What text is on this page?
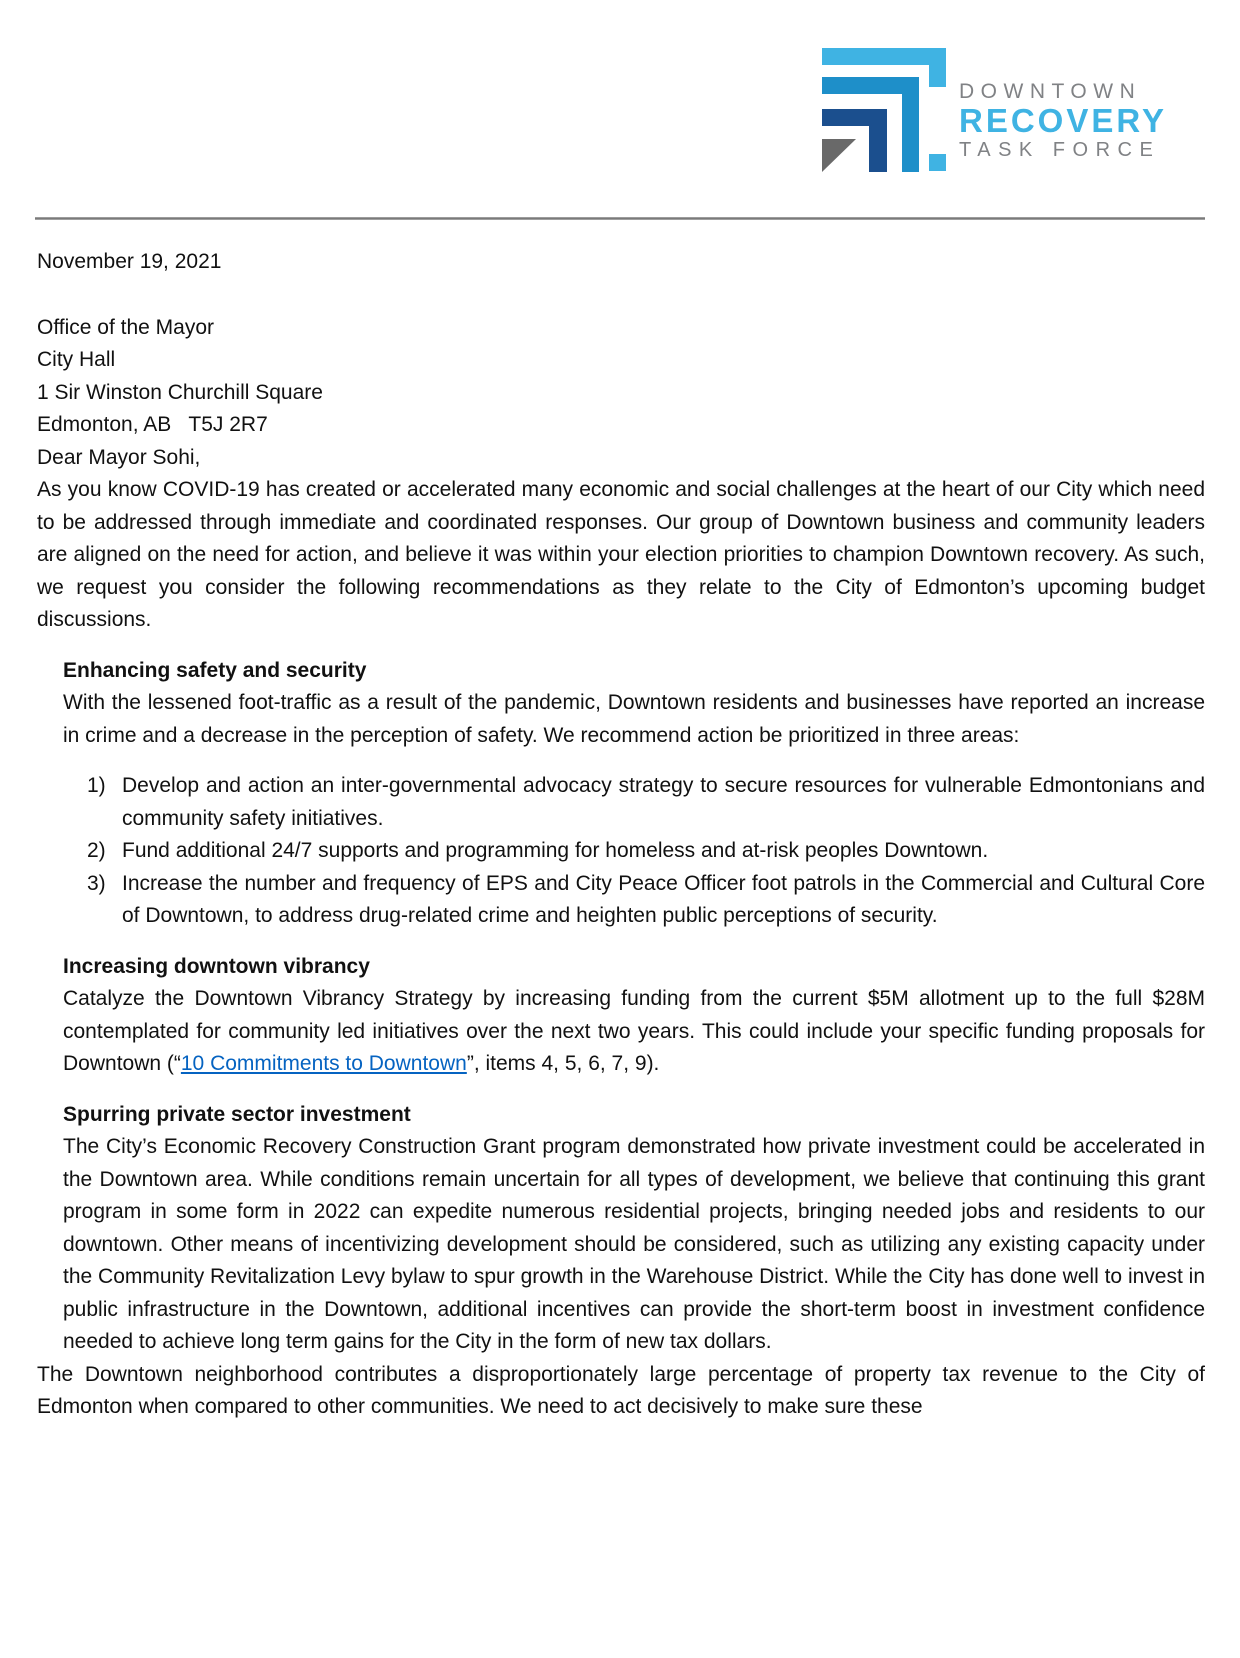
DOWNTOWN
RECOVERY
TASK FORCE

November 19, 2021

Office of the Mayor

City Hall

1 Sir Winston Churchill Square

Edmonton, AB   T5J 2R7

Dear Mayor Sohi,

As you know COVID-19 has created or accelerated many economic and social challenges at the heart of our City which need to be addressed through immediate and coordinated responses. Our group of Downtown business and community leaders are aligned on the need for action, and believe it was within your election priorities to champion Downtown recovery. As such, we request you consider the following recommendations as they relate to the City of Edmonton’s upcoming budget discussions.

Enhancing safety and security
With the lessened foot-traffic as a result of the pandemic, Downtown residents and businesses have reported an increase in crime and a decrease in the perception of safety. We recommend action be prioritized in three areas:
1) Develop and action an inter-governmental advocacy strategy to secure resources for vulnerable Edmontonians and community safety initiatives.
2) Fund additional 24/7 supports and programming for homeless and at-risk peoples Downtown.
3) Increase the number and frequency of EPS and City Peace Officer foot patrols in the Commercial and Cultural Core of Downtown, to address drug-related crime and heighten public perceptions of security.
Increasing downtown vibrancy
Catalyze the Downtown Vibrancy Strategy by increasing funding from the current $5M allotment up to the full $28M contemplated for community led initiatives over the next two years. This could include your specific funding proposals for Downtown (“10 Commitments to Downtown”, items 4, 5, 6, 7, 9).
Spurring private sector investment
The City’s Economic Recovery Construction Grant program demonstrated how private investment could be accelerated in the Downtown area. While conditions remain uncertain for all types of development, we believe that continuing this grant program in some form in 2022 can expedite numerous residential projects, bringing needed jobs and residents to our downtown. Other means of incentivizing development should be considered, such as utilizing any existing capacity under the Community Revitalization Levy bylaw to spur growth in the Warehouse District. While the City has done well to invest in public infrastructure in the Downtown, additional incentives can provide the short-term boost in investment confidence needed to achieve long term gains for the City in the form of new tax dollars.

The Downtown neighborhood contributes a disproportionately large percentage of property tax revenue to the City of Edmonton when compared to other communities. We need to act decisively to make sure these
